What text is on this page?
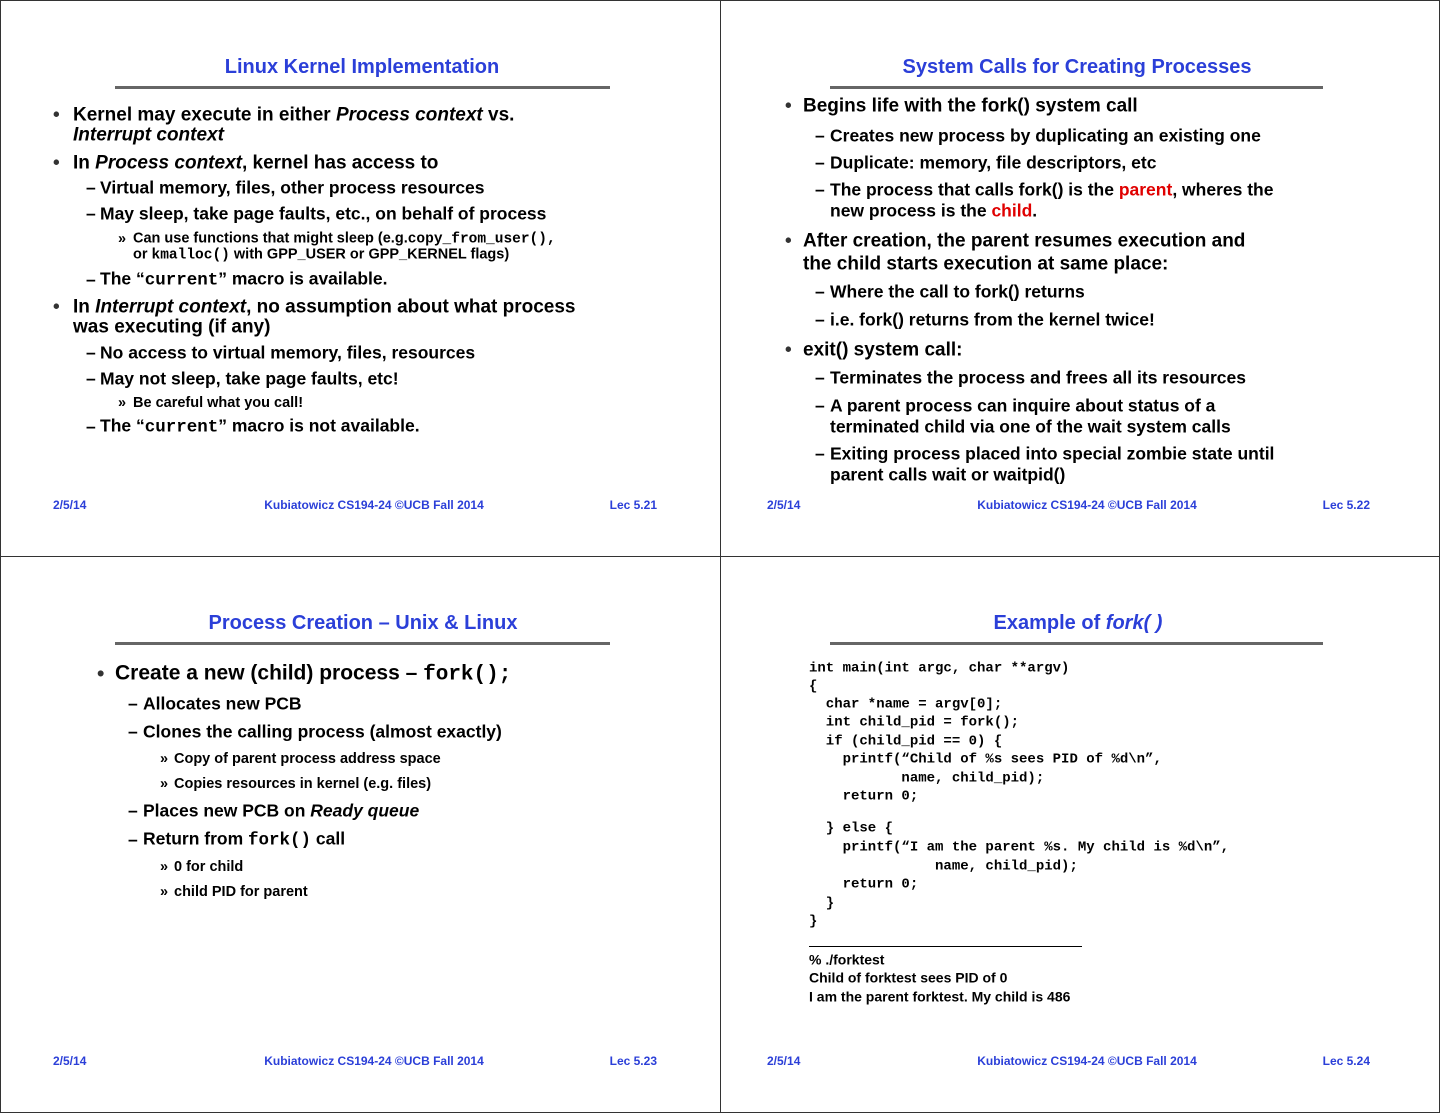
Linux Kernel Implementation
• Kernel may execute in either Process context vs.
Interrupt context
• In Process context, kernel has access to
– Virtual memory, files, other process resources
– May sleep, take page faults, etc., on behalf of process
» Can use functions that might sleep (e.g.copy_from_user(),
or kmalloc() with GPP_USER or GPP_KERNEL flags)
– The “current” macro is available.
• In Interrupt context, no assumption about what process
was executing (if any)
– No access to virtual memory, files, resources
– May not sleep, take page faults, etc!
» Be careful what you call!
– The “current” macro is not available.
2/5/14	Kubiatowicz CS194-24 ©UCB Fall 2014	Lec 5.21
System Calls for Creating Processes
• Begins life with the fork() system call
– Creates new process by duplicating an existing one
– Duplicate: memory, file descriptors, etc
– The process that calls fork() is the parent, wheres the
new process is the child.
• After creation, the parent resumes execution and
the child starts execution at same place:
– Where the call to fork() returns
– i.e. fork() returns from the kernel twice!
• exit() system call:
– Terminates the process and frees all its resources
– A parent process can inquire about status of a
terminated child via one of the wait system calls
– Exiting process placed into special zombie state until
parent calls wait or waitpid()
2/5/14	Kubiatowicz CS194-24 ©UCB Fall 2014	Lec 5.22
Process Creation – Unix & Linux
• Create a new (child) process – fork();
– Allocates new PCB
– Clones the calling process (almost exactly)
» Copy of parent process address space
» Copies resources in kernel (e.g. files)
– Places new PCB on Ready queue
– Return from fork() call
» 0 for child
» child PID for parent
2/5/14	Kubiatowicz CS194-24 ©UCB Fall 2014	Lec 5.23
Example of fork( )
int main(int argc, char **argv)
{
char *name = argv[0];
int child_pid = fork();
if (child_pid == 0) {
printf(“Child of %s sees PID of %d\n”,
name, child_pid);
return 0;
} else {
printf(“I am the parent %s. My child is %d\n”,
name, child_pid);
return 0;
}
}
% ./forktest
Child of forktest sees PID of 0
I am the parent forktest. My child is 486
2/5/14	Kubiatowicz CS194-24 ©UCB Fall 2014	Lec 5.24
